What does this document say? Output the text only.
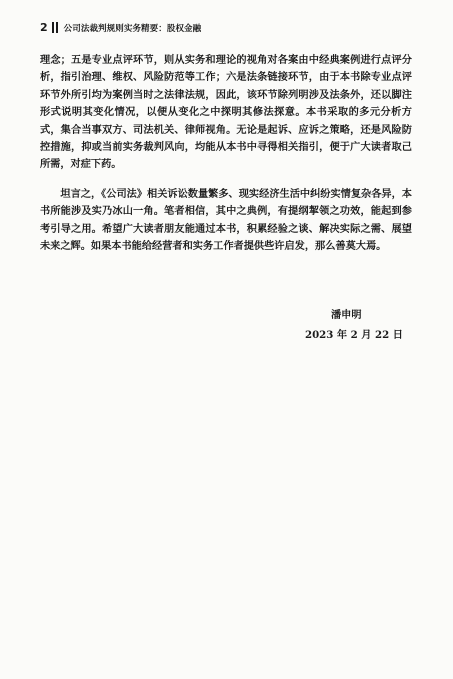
2 公司法裁判规则实务精要：股权金融

理念；五是专业点评环节，则从实务和理论的视角对各案由中经典案例进行点评分析，指引治理、维权、风险防范等工作；六是法条链接环节，由于本书除专业点评环节外所引均为案例当时之法律法规，因此，该环节除列明涉及法条外，还以脚注形式说明其变化情况，以便从变化之中探明其修法探意。本书采取的多元分析方式，集合当事双方、司法机关、律师视角。无论是起诉、应诉之策略，还是风险防控措施，抑或当前实务裁判风向，均能从本书中寻得相关指引，便于广大读者取己所需，对症下药。

坦言之，《公司法》相关诉讼数量繁多、现实经济生活中纠纷实情复杂各异，本书所能涉及实乃冰山一角。笔者相信，其中之典例，有提纲挈领之功效，能起到参考引导之用。希望广大读者朋友能通过本书，积累经验之谈、解决实际之需、展望未来之辉。如果本书能给经营者和实务工作者提供些许启发，那么善莫大焉。

潘申明
2023 年 2 月 22 日
